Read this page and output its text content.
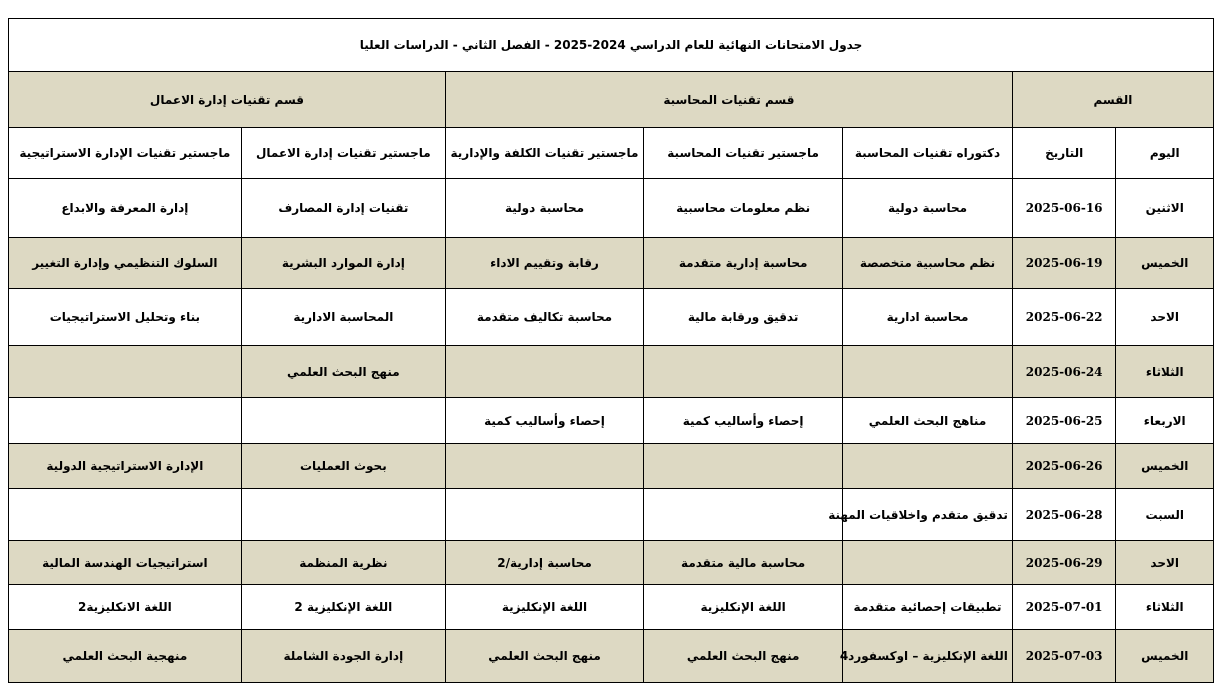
جدول الامتحانات النهائية للعام الدراسي 2024-2025 - الفصل الثاني - الدراسات العليا						
القسم		قسم تقنيات المحاسبة			قسم تقنيات إدارة الاعمال	
اليوم	التاريخ	دكتوراه تقنيات المحاسبة	ماجستير تقنيات المحاسبة	ماجستير تقنيات الكلفة والإدارية	ماجستير تقنيات إدارة الاعمال	ماجستير تقنيات الإدارة الاستراتيجية
الاثنين	2025-06-16	محاسبة دولية	نظم معلومات محاسبية	محاسبة دولية	تقنيات إدارة المصارف	إدارة المعرفة والابداع
الخميس	2025-06-19	نظم محاسبية متخصصة	محاسبة إدارية متقدمة	رقابة وتقييم الاداء	إدارة الموارد البشرية	السلوك التنظيمي وإدارة التغيير
الاحد	2025-06-22	محاسبة ادارية	تدقيق ورقابة مالية	محاسبة تكاليف متقدمة	المحاسبة الادارية	بناء وتحليل الاستراتيجيات
الثلاثاء	2025-06-24				منهج البحث العلمي	
الاربعاء	2025-06-25	مناهج البحث العلمي	إحصاء وأساليب كمية	إحصاء وأساليب كمية		
الخميس	2025-06-26				بحوث العمليات	الإدارة الاستراتيجية الدولية
السبت	2025-06-28	تدقيق متقدم واخلاقيات المهنة				
الاحد	2025-06-29		محاسبة مالية متقدمة	محاسبة إدارية/2	نظرية المنظمة	استراتيجيات الهندسة المالية
الثلاثاء	2025-07-01	تطبيقات إحصائية متقدمة	اللغة الإنكليزية	اللغة الإنكليزية	اللغة الإنكليزية 2	اللغة الانكليزية2
الخميس	2025-07-03	اللغة الإنكليزية – اوكسفورد4	منهج البحث العلمي	منهج البحث العلمي	إدارة الجودة الشاملة	منهجية البحث العلمي
